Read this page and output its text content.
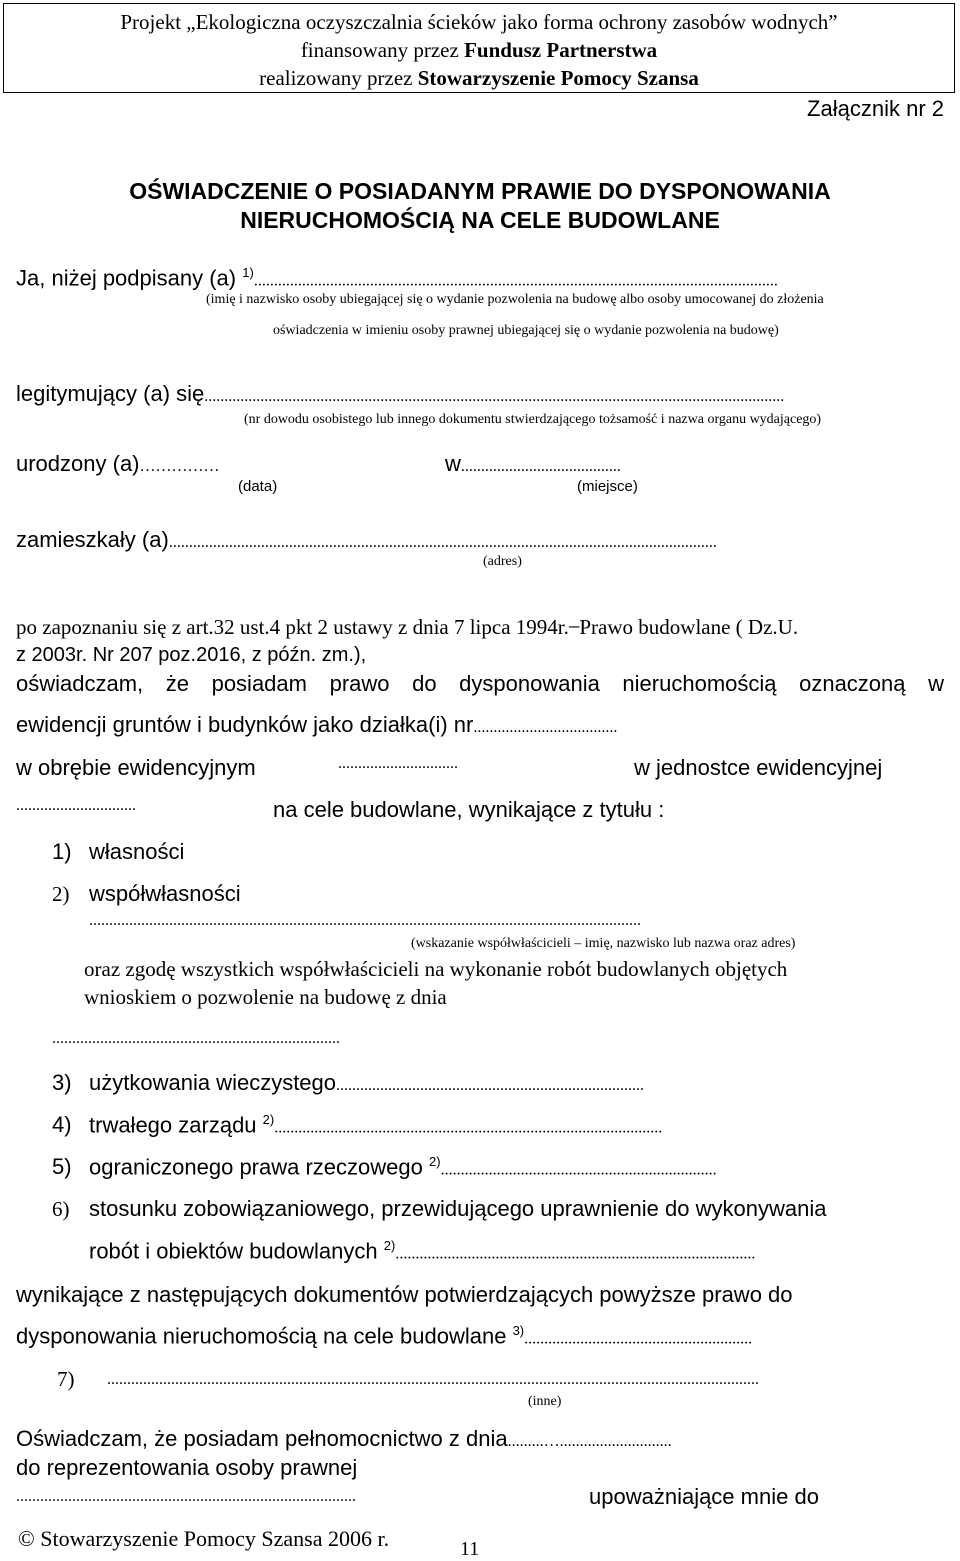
Projekt „Ekologiczna oczyszczalnia ścieków jako forma ochrony zasobów wodnych”
finansowany przez Fundusz Partnerstwa
realizowany przez Stowarzyszenie Pomocy Szansa
Załącznik nr 2
OŚWIADCZENIE O POSIADANYM PRAWIE DO DYSPONOWANIA
NIERUCHOMOŚCIĄ NA CELE BUDOWLANE
Ja, niżej podpisany (a) $^{1)}$...................................................................................................................................
(imię i nazwisko osoby ubiegającej się o wydanie pozwolenia na budowę albo osoby umocowanej do złożenia
oświadczenia w imieniu osoby prawnej ubiegającej się o wydanie pozwolenia na budowę)
legitymujący (a) się.................................................................................................................................................
(nr dowodu osobistego lub innego dokumentu stwierdzającego tożsamość i nazwa organu wydającego)
urodzony (a)……………	w........................................
(data)	(miejsce)
zamieszkały (a).........................................................................................................................................
(adres)
po zapoznaniu się z art.32 ust.4 pkt 2 ustawy z dnia 7 lipca 1994r. ̶ Prawo budowlane ( Dz.U.
z 2003r. Nr 207 poz.2016, z późn. zm.),
oświadczam, że posiadam prawo do dysponowania nieruchomością oznaczoną w
ewidencji gruntów i budynków jako działka(i) nr....................................
w obrębie ewidencyjnym	..............................	w jednostce ewidencyjnej
..............................	na cele budowlane, wynikające z tytułu :
1) własności
2) współwłasności
..........................................................................................................................................
(wskazanie współwłaścicieli – imię, nazwisko lub nazwa oraz adres)
oraz zgodę wszystkich współwłaścicieli na wykonanie robót budowlanych objętych
wnioskiem o pozwolenie na budowę z dnia
........................................................................
3) użytkowania wieczystego.............................................................................
4) trwałego zarządu $^{2)}$.................................................................................................
5) ograniczonego prawa rzeczowego $^{2)}$.....................................................................
6) stosunku zobowiązaniowego, przewidującego uprawnienie do wykonywania
robót i obiektów budowlanych $^{2)}$..........................................................................................
wynikające z następujących dokumentów potwierdzających powyższe prawo do
dysponowania nieruchomością na cele budowlane $^{3)}$.........................................................
7) ...................................................................................................................................................................
(inne)
Oświadczam, że posiadam pełnomocnictwo z dnia.........…............................
do reprezentowania osoby prawnej
.....................................................................................	upoważniające mnie do
© Stowarzyszenie Pomocy Szansa 2006 r.	11
